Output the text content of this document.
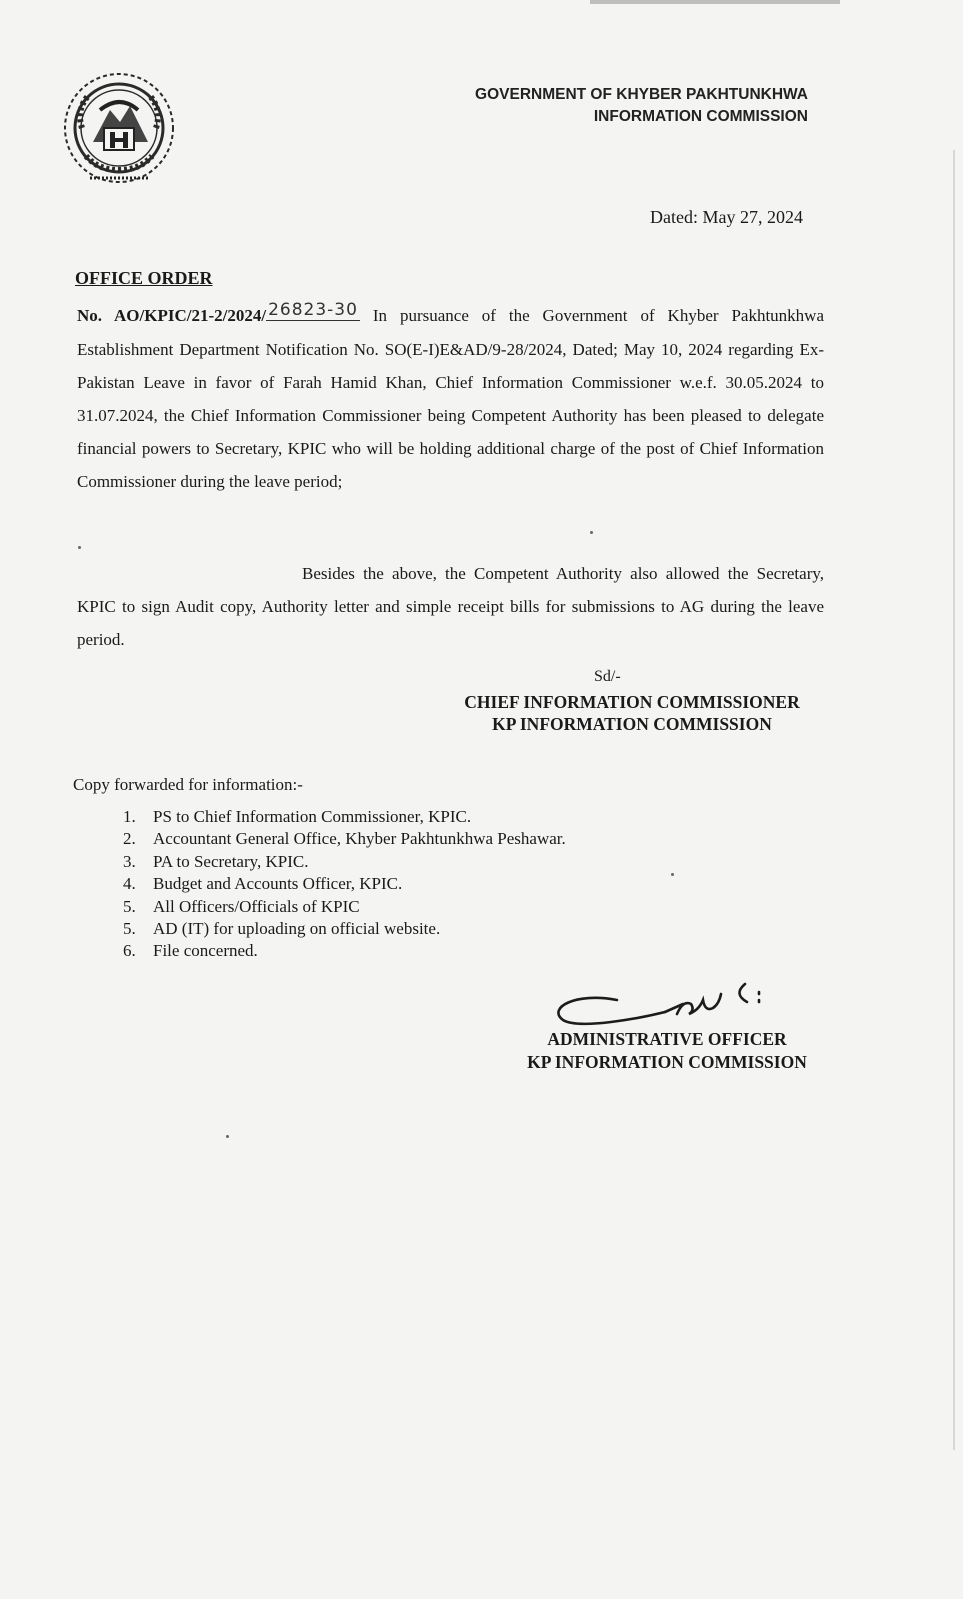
GOVERNMENT OF KHYBER PAKHTUNKHWA
INFORMATION COMMISSION
Dated: May 27, 2024
OFFICE ORDER
No. AO/KPIC/21-2/2024/ 26823-30 In pursuance of the Government of Khyber Pakhtunkhwa Establishment Department Notification No. SO(E-I)E&AD/9-28/2024, Dated; May 10, 2024 regarding Ex-Pakistan Leave in favor of Farah Hamid Khan, Chief Information Commissioner w.e.f. 30.05.2024 to 31.07.2024, the Chief Information Commissioner being Competent Authority has been pleased to delegate financial powers to Secretary, KPIC who will be holding additional charge of the post of Chief Information Commissioner during the leave period;
Besides the above, the Competent Authority also allowed the Secretary, KPIC to sign Audit copy, Authority letter and simple receipt bills for submissions to AG during the leave period.
Sd/-
CHIEF INFORMATION COMMISSIONER
KP INFORMATION COMMISSION
Copy forwarded for information:-
1. PS to Chief Information Commissioner, KPIC.
2. Accountant General Office, Khyber Pakhtunkhwa Peshawar.
3. PA to Secretary, KPIC.
4. Budget and Accounts Officer, KPIC.
5. All Officers/Officials of KPIC
5. AD (IT) for uploading on official website.
6. File concerned.
ADMINISTRATIVE OFFICER
KP INFORMATION COMMISSION
